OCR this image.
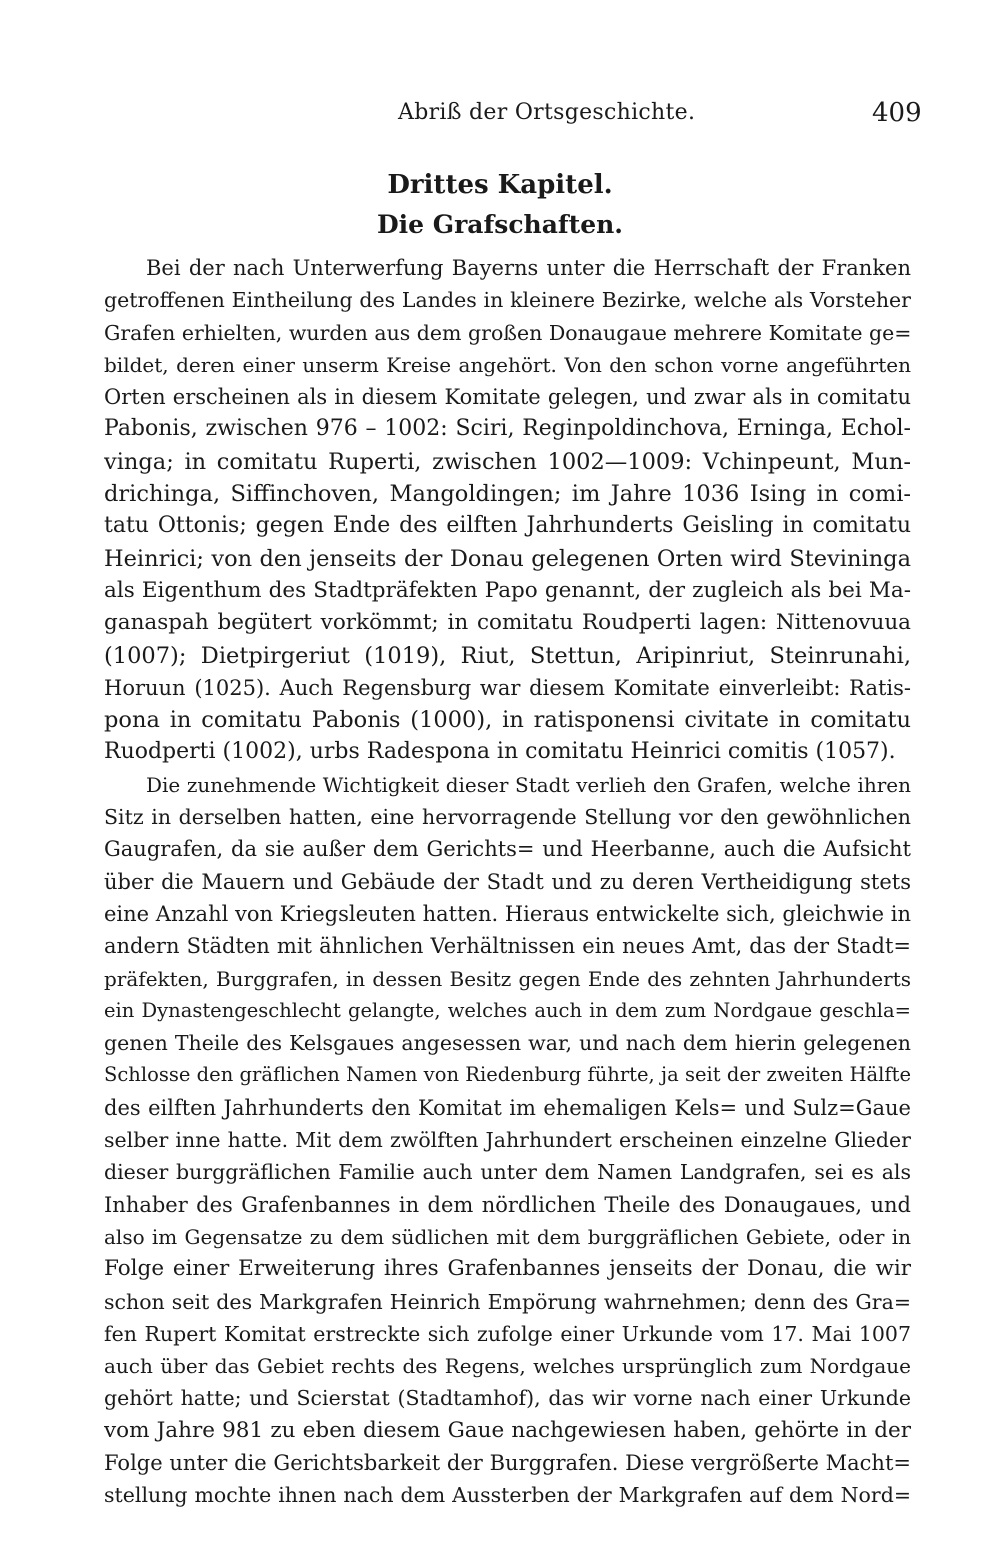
Abriß der Ortsgeschichte.	409
Drittes Kapitel.
Die Grafschaften.
Bei der nach Unterwerfung Bayerns unter die Herrschaft der Franken
getroffenen Eintheilung des Landes in kleinere Bezirke, welche als Vorsteher
Grafen erhielten, wurden aus dem großen Donaugaue mehrere Komitate ge=
bildet, deren einer unserm Kreise angehört. Von den schon vorne angeführten
Orten erscheinen als in diesem Komitate gelegen, und zwar als in comitatu
Pabonis, zwischen 976 – 1002: Sciri, Reginpoldinchova, Erninga, Echol-
vinga; in comitatu Ruperti, zwischen 1002—1009: Vchinpeunt, Mun-
drichinga, Siffinchoven, Mangoldingen; im Jahre 1036 Ising in comi-
tatu Ottonis; gegen Ende des eilften Jahrhunderts Geisling in comitatu
Heinrici; von den jenseits der Donau gelegenen Orten wird Stevininga
als Eigenthum des Stadtpräfekten Papo genannt, der zugleich als bei Ma-
ganaspah begütert vorkömmt; in comitatu Roudperti lagen: Nittenovuua
(1007); Dietpirgeriut (1019), Riut, Stettun, Aripinriut, Steinrunahi,
Horuun (1025). Auch Regensburg war diesem Komitate einverleibt: Ratis-
pona in comitatu Pabonis (1000), in ratisponensi civitate in comitatu
Ruodperti (1002), urbs Radespona in comitatu Heinrici comitis (1057).
Die zunehmende Wichtigkeit dieser Stadt verlieh den Grafen, welche ihren
Sitz in derselben hatten, eine hervorragende Stellung vor den gewöhnlichen
Gaugrafen, da sie außer dem Gerichts= und Heerbanne, auch die Aufsicht
über die Mauern und Gebäude der Stadt und zu deren Vertheidigung stets
eine Anzahl von Kriegsleuten hatten. Hieraus entwickelte sich, gleichwie in
andern Städten mit ähnlichen Verhältnissen ein neues Amt, das der Stadt=
präfekten, Burggrafen, in dessen Besitz gegen Ende des zehnten Jahrhunderts
ein Dynastengeschlecht gelangte, welches auch in dem zum Nordgaue geschla=
genen Theile des Kelsgaues angesessen war, und nach dem hierin gelegenen
Schlosse den gräflichen Namen von Riedenburg führte, ja seit der zweiten Hälfte
des eilften Jahrhunderts den Komitat im ehemaligen Kels= und Sulz=Gaue
selber inne hatte. Mit dem zwölften Jahrhundert erscheinen einzelne Glieder
dieser burggräflichen Familie auch unter dem Namen Landgrafen, sei es als
Inhaber des Grafenbannes in dem nördlichen Theile des Donaugaues, und
also im Gegensatze zu dem südlichen mit dem burggräflichen Gebiete, oder in
Folge einer Erweiterung ihres Grafenbannes jenseits der Donau, die wir
schon seit des Markgrafen Heinrich Empörung wahrnehmen; denn des Gra=
fen Rupert Komitat erstreckte sich zufolge einer Urkunde vom 17. Mai 1007
auch über das Gebiet rechts des Regens, welches ursprünglich zum Nordgaue
gehört hatte; und Scierstat (Stadtamhof), das wir vorne nach einer Urkunde
vom Jahre 981 zu eben diesem Gaue nachgewiesen haben, gehörte in der
Folge unter die Gerichtsbarkeit der Burggrafen. Diese vergrößerte Macht=
stellung mochte ihnen nach dem Aussterben der Markgrafen auf dem Nord=
